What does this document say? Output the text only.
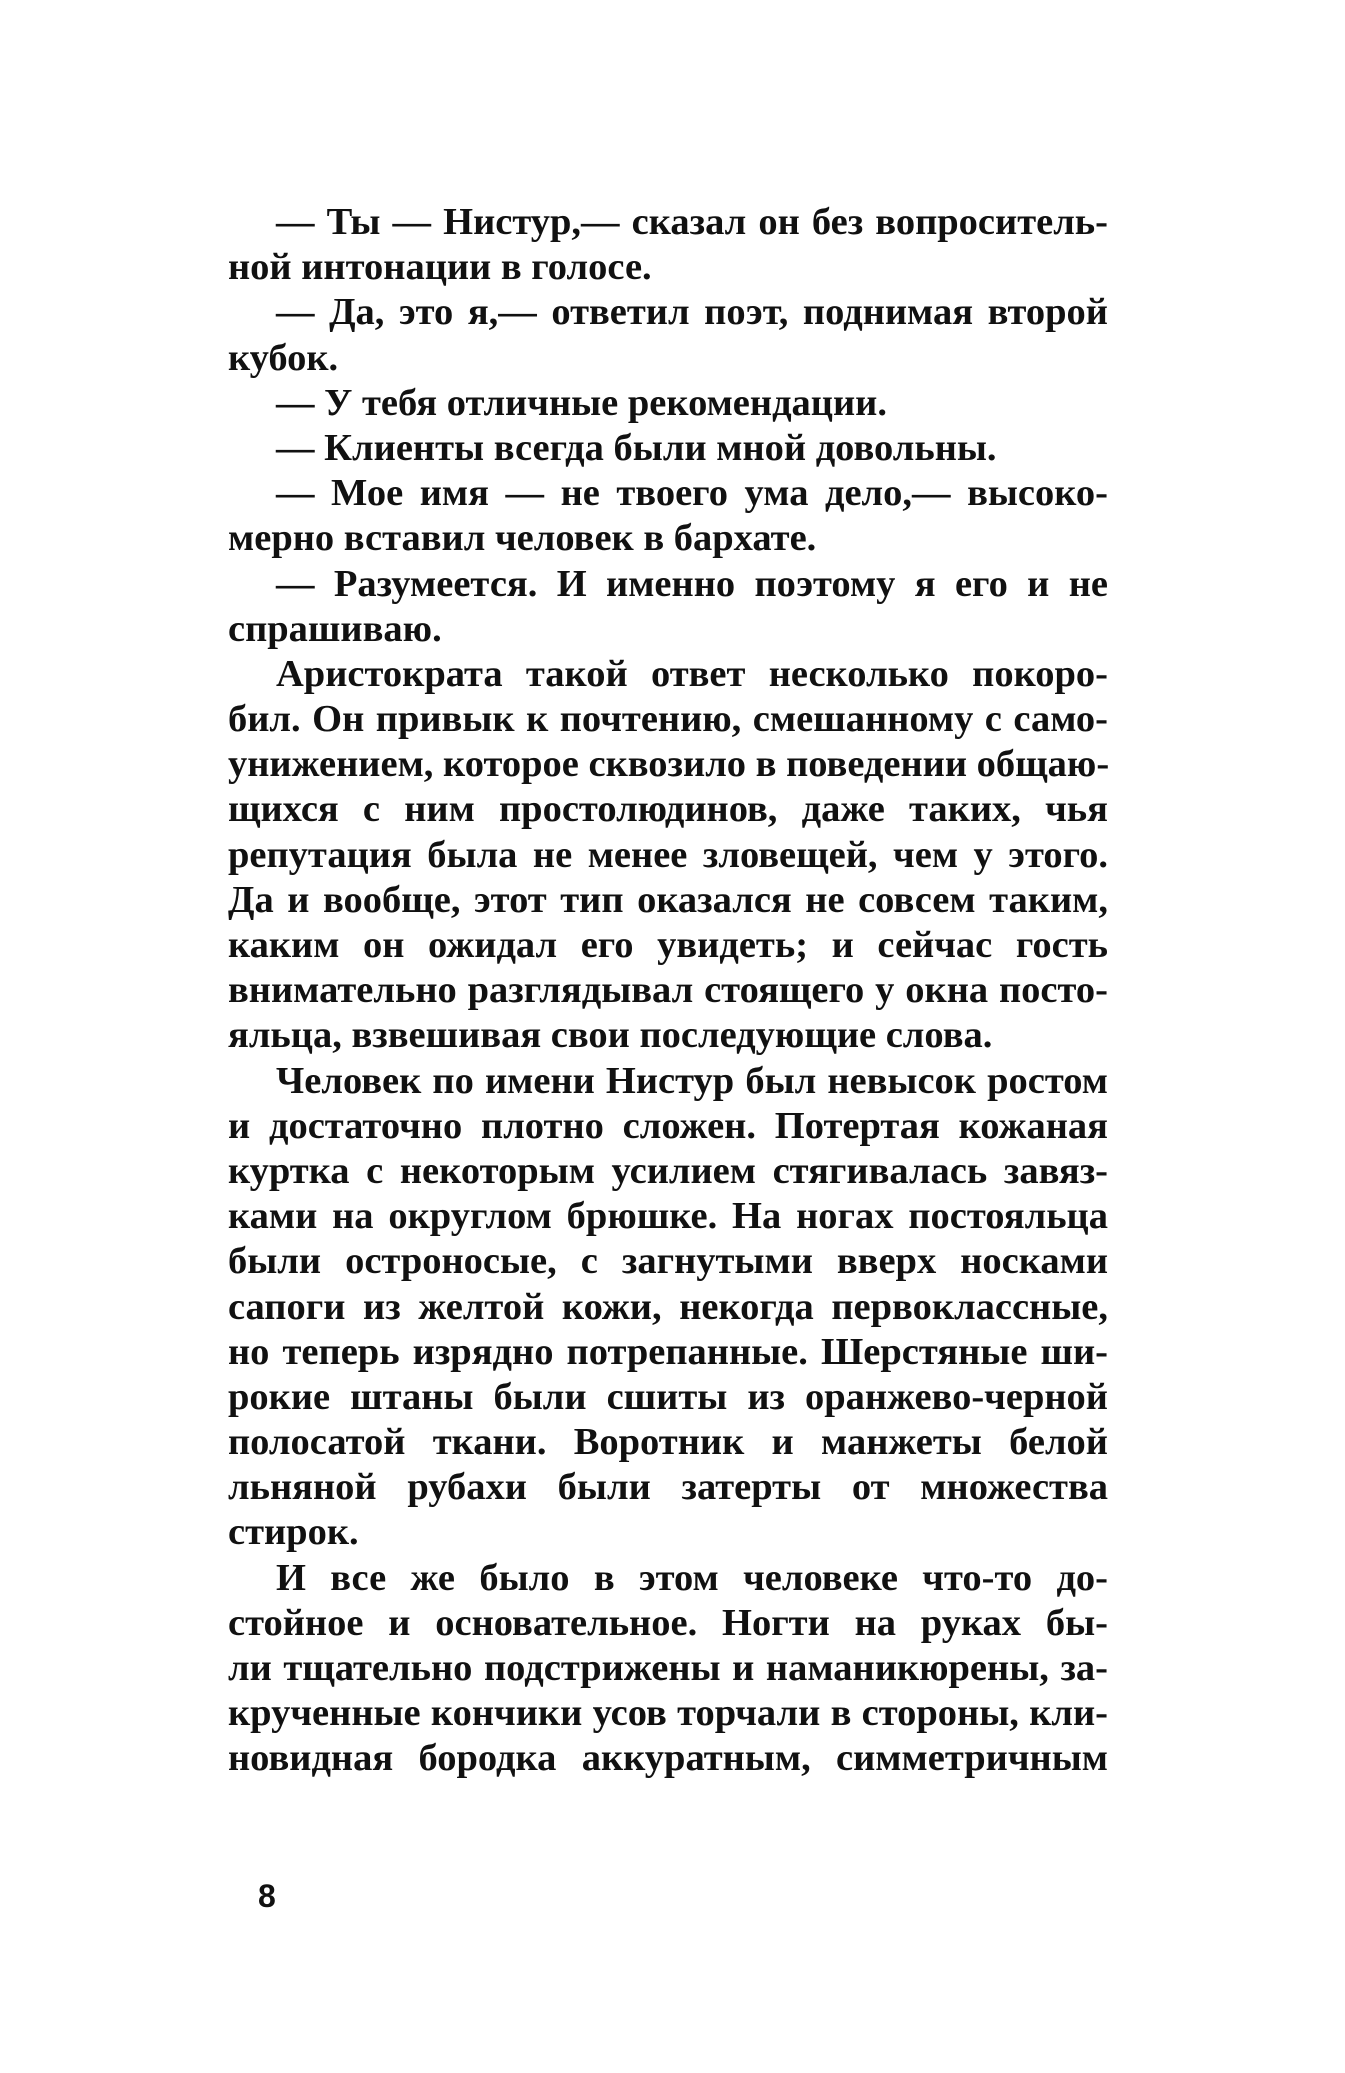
— Ты — Нистур,— сказал он без вопроситель-
ной интонации в голосе.
— Да, это я,— ответил поэт, поднимая второй
кубок.
— У тебя отличные рекомендации.
— Клиенты всегда были мной довольны.
— Мое имя — не твоего ума дело,— высоко-
мерно вставил человек в бархате.
— Разумеется. И именно поэтому я его и не
спрашиваю.
Аристократа такой ответ несколько покоро-
бил. Он привык к почтению, смешанному с само-
унижением, которое сквозило в поведении общаю-
щихся с ним простолюдинов, даже таких, чья
репутация была не менее зловещей, чем у этого.
Да и вообще, этот тип оказался не совсем таким,
каким он ожидал его увидеть; и сейчас гость
внимательно разглядывал стоящего у окна посто-
яльца, взвешивая свои последующие слова.
Человек по имени Нистур был невысок ростом
и достаточно плотно сложен. Потертая кожаная
куртка с некоторым усилием стягивалась завяз-
ками на округлом брюшке. На ногах постояльца
были остроносые, с загнутыми вверх носками
сапоги из желтой кожи, некогда первоклассные,
но теперь изрядно потрепанные. Шерстяные ши-
рокие штаны были сшиты из оранжево-черной
полосатой ткани. Воротник и манжеты белой
льняной рубахи были затерты от множества
стирок.
И все же было в этом человеке что-то до-
стойное и основательное. Ногти на руках бы-
ли тщательно подстрижены и наманикюрены, за-
крученные кончики усов торчали в стороны, кли-
новидная бородка аккуратным, симметричным
8
